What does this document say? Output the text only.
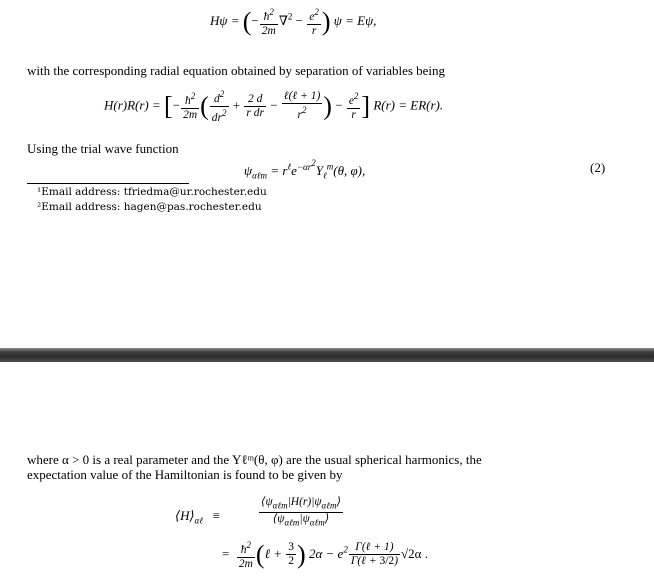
Hψ = (− $\frac{ħ^2}{2m} \nabla^2 - \frac{e^2}{r}$ ) ψ = Eψ,
with the corresponding radial equation obtained by separation of variables being
H(r)R(r) = [− $\frac{ħ^2}{2m}$ ( $\frac{d^2}{dr^2} + \frac{2 d}{\text{r dr}} - \frac{\text{ℓ(ℓ + 1)}}{r^2}$ ) − $\frac{e^2}{r}$ ] R(r) = ER(r).
Using the trial wave function
$\psi_{\alpha\ell m} = r^\ell e^{-\alpha r^2}Y_\ell^m(\theta$, φ),	(2)
¹Email address: tfriedma@ur.rochester.edu
²Email address: hagen@pas.rochester.edu
where α > 0 is a real parameter and the Yℓᵐ(θ, φ) are the usual spherical harmonics, the
expectation value of the Hamiltonian is found to be given by
$⟨H⟩_{\alpha\ell}$   ≡	$\frac{⟨\psi_{\alpha\ell m}|H(r)|\psi_{\alpha\ell m}⟩}{⟨\psi_{\alpha\ell m}|\psi_{\alpha\ell m}⟩}$
= $\frac{ħ^2}{2m}$ (ℓ + $\frac{3}{2}$ ) $2\alpha - e^2 \frac{\text{Γ(ℓ + 1)}}{\text{Γ(ℓ + 3/2)}} √2\alpha$ .
